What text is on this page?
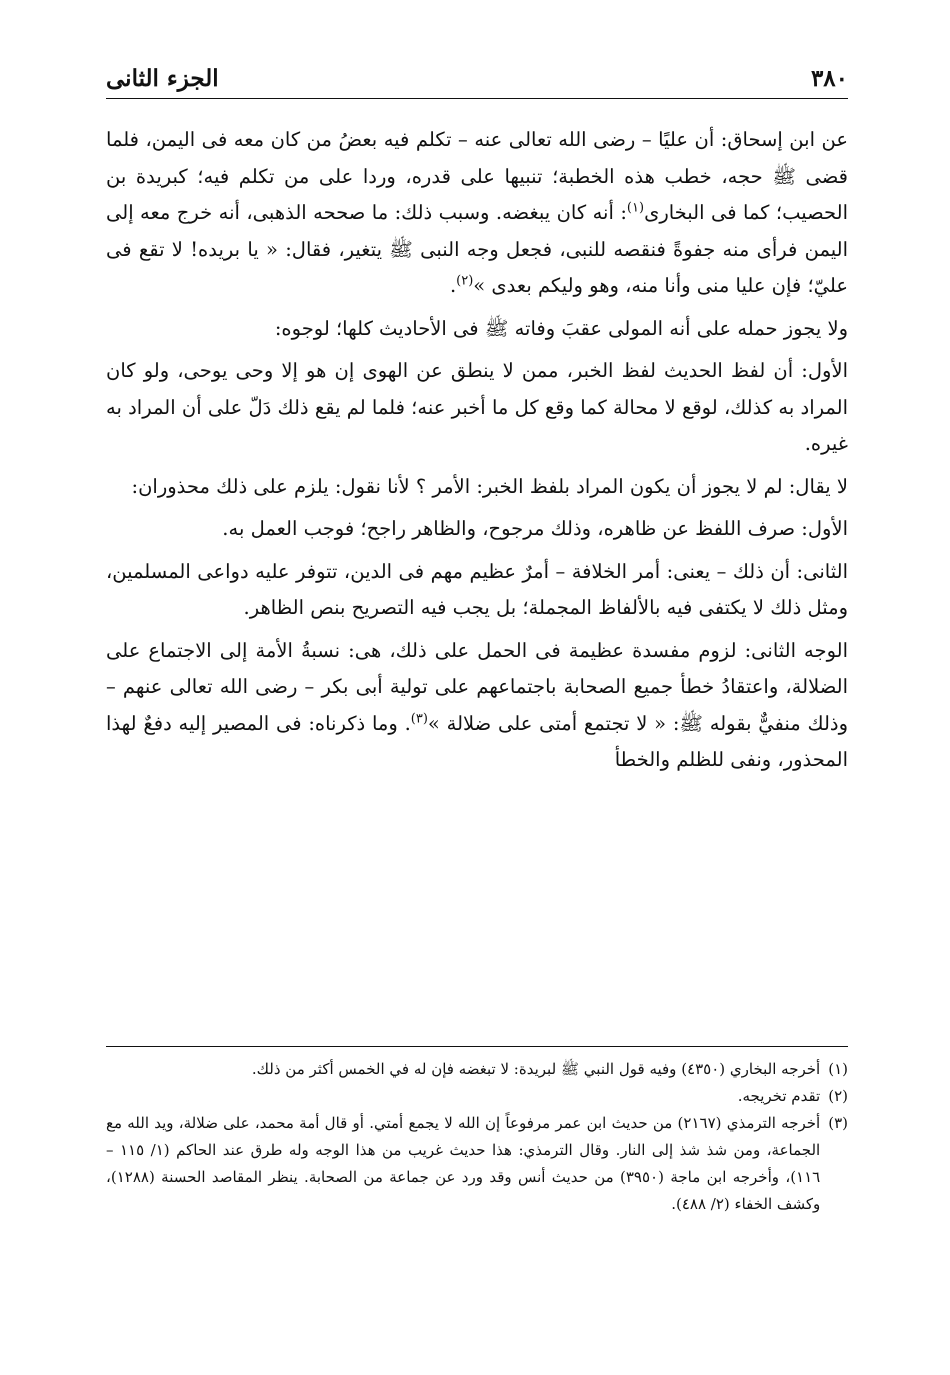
٣٨٠
الجزء الثانى

عن ابن إسحاق: أن عليًا – رضى الله تعالى عنه – تكلم فيه بعضُ من كان معه فى اليمن، فلما قضى ﷺ حجه، خطب هذه الخطبة؛ تنبيها على قدره، وردا على من تكلم فيه؛ كبريدة بن الحصيب؛ كما فى البخارى$^{(١)}$: أنه كان يبغضه. وسبب ذلك: ما صححه الذهبى، أنه خرج معه إلى اليمن فرأى منه جفوةً فنقصه للنبى، فجعل وجه النبى ﷺ يتغير، فقال: « يا بريده! لا تقع فى عليّ؛ فإن عليا منى وأنا منه، وهو وليكم بعدى »$^{(٢)}$.

ولا يجوز حمله على أنه المولى عقبَ وفاته ﷺ فى الأحاديث كلها؛ لوجوه:

الأول: أن لفظ الحديث لفظ الخبر، ممن لا ينطق عن الهوى إن هو إلا وحى يوحى، ولو كان المراد به كذلك، لوقع لا محالة كما وقع كل ما أخبر عنه؛ فلما لم يقع ذلك دَلّ على أن المراد به غيره.

لا يقال: لم لا يجوز أن يكون المراد بلفظ الخبر: الأمر ؟ لأنا نقول: يلزم على ذلك محذوران:

الأول: صرف اللفظ عن ظاهره، وذلك مرجوح، والظاهر راجح؛ فوجب العمل به.

الثانى: أن ذلك – يعنى: أمر الخلافة – أمرٌ عظيم مهم فى الدين، تتوفر عليه دواعى المسلمين، ومثل ذلك لا يكتفى فيه بالألفاظ المجملة؛ بل يجب فيه التصريح بنص الظاهر.

الوجه الثانى: لزوم مفسدة عظيمة فى الحمل على ذلك، هى: نسبةُ الأمة إلى الاجتماع على الضلالة، واعتقادُ خطأ جميع الصحابة باجتماعهم على تولية أبى بكر – رضى الله تعالى عنهم – وذلك منفيٌّ بقوله ﷺ: « لا تجتمع أمتى على ضلالة »$^{(٣)}$. وما ذكرناه: فى المصير إليه دفعٌ لهذا المحذور، ونفى للظلم والخطأ

(١)
أخرجه البخاري (٤٣٥٠) وفيه قول النبي ﷺ لبريدة: لا تبغضه فإن له في الخمس أكثر من ذلك.

(٢)
تقدم تخريجه.

(٣)
أخرجه الترمذي (٢١٦٧) من حديث ابن عمر مرفوعاً إن الله لا يجمع أمتي. أو قال أمة محمد، على ضلالة، ويد الله مع الجماعة، ومن شذ شذ إلى النار. وقال الترمذي: هذا حديث غريب من هذا الوجه وله طرق عند الحاكم (١/ ١١٥ – ١١٦)، وأخرجه ابن ماجة (٣٩٥٠) من حديث أنس وقد ورد عن جماعة من الصحابة. ينظر المقاصد الحسنة (١٢٨٨)، وكشف الخفاء (٢/ ٤٨٨).
